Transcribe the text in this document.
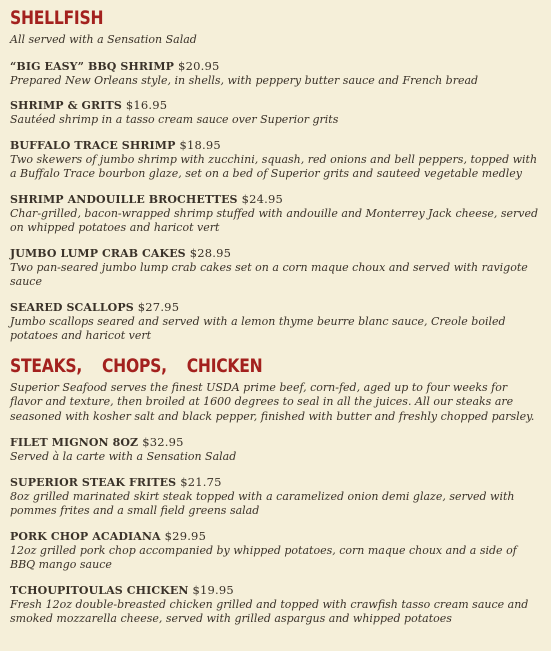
SHELLFISH
All served with a Sensation Salad
“BIG EASY” BBQ SHRIMP $20.95
Prepared New Orleans style, in shells, with peppery butter sauce and French bread
SHRIMP & GRITS $16.95
Sautéed shrimp in a tasso cream sauce over Superior grits
BUFFALO TRACE SHRIMP $18.95
Two skewers of jumbo shrimp with zucchini, squash, red onions and bell peppers, topped with a Buffalo Trace bourbon glaze, set on a bed of Superior grits and sauteed vegetable medley
SHRIMP ANDOUILLE BROCHETTES $24.95
Char-grilled, bacon-wrapped shrimp stuffed with andouille and Monterrey Jack cheese, served on whipped potatoes and haricot vert
JUMBO LUMP CRAB CAKES $28.95
Two pan-seared jumbo lump crab cakes set on a corn maque choux and served with ravigote sauce
SEARED SCALLOPS $27.95
Jumbo scallops seared and served with a lemon thyme beurre blanc sauce, Creole boiled potatoes and haricot vert
STEAKS, CHOPS, CHICKEN
Superior Seafood serves the finest USDA prime beef, corn-fed, aged up to four weeks for flavor and texture, then broiled at 1600 degrees to seal in all the juices. All our steaks are seasoned with kosher salt and black pepper, finished with butter and freshly chopped parsley.
FILET MIGNON 8OZ $32.95
Served à la carte with a Sensation Salad
SUPERIOR STEAK FRITES $21.75
8oz grilled marinated skirt steak topped with a caramelized onion demi glaze, served with pommes frites and a small field greens salad
PORK CHOP ACADIANA $29.95
12oz grilled pork chop accompanied by whipped potatoes, corn maque choux and a side of BBQ mango sauce
TCHOUPITOULAS CHICKEN $19.95
Fresh 12oz double-breasted chicken grilled and topped with crawfish tasso cream sauce and smoked mozzarella cheese, served with grilled aspargus and whipped potatoes
